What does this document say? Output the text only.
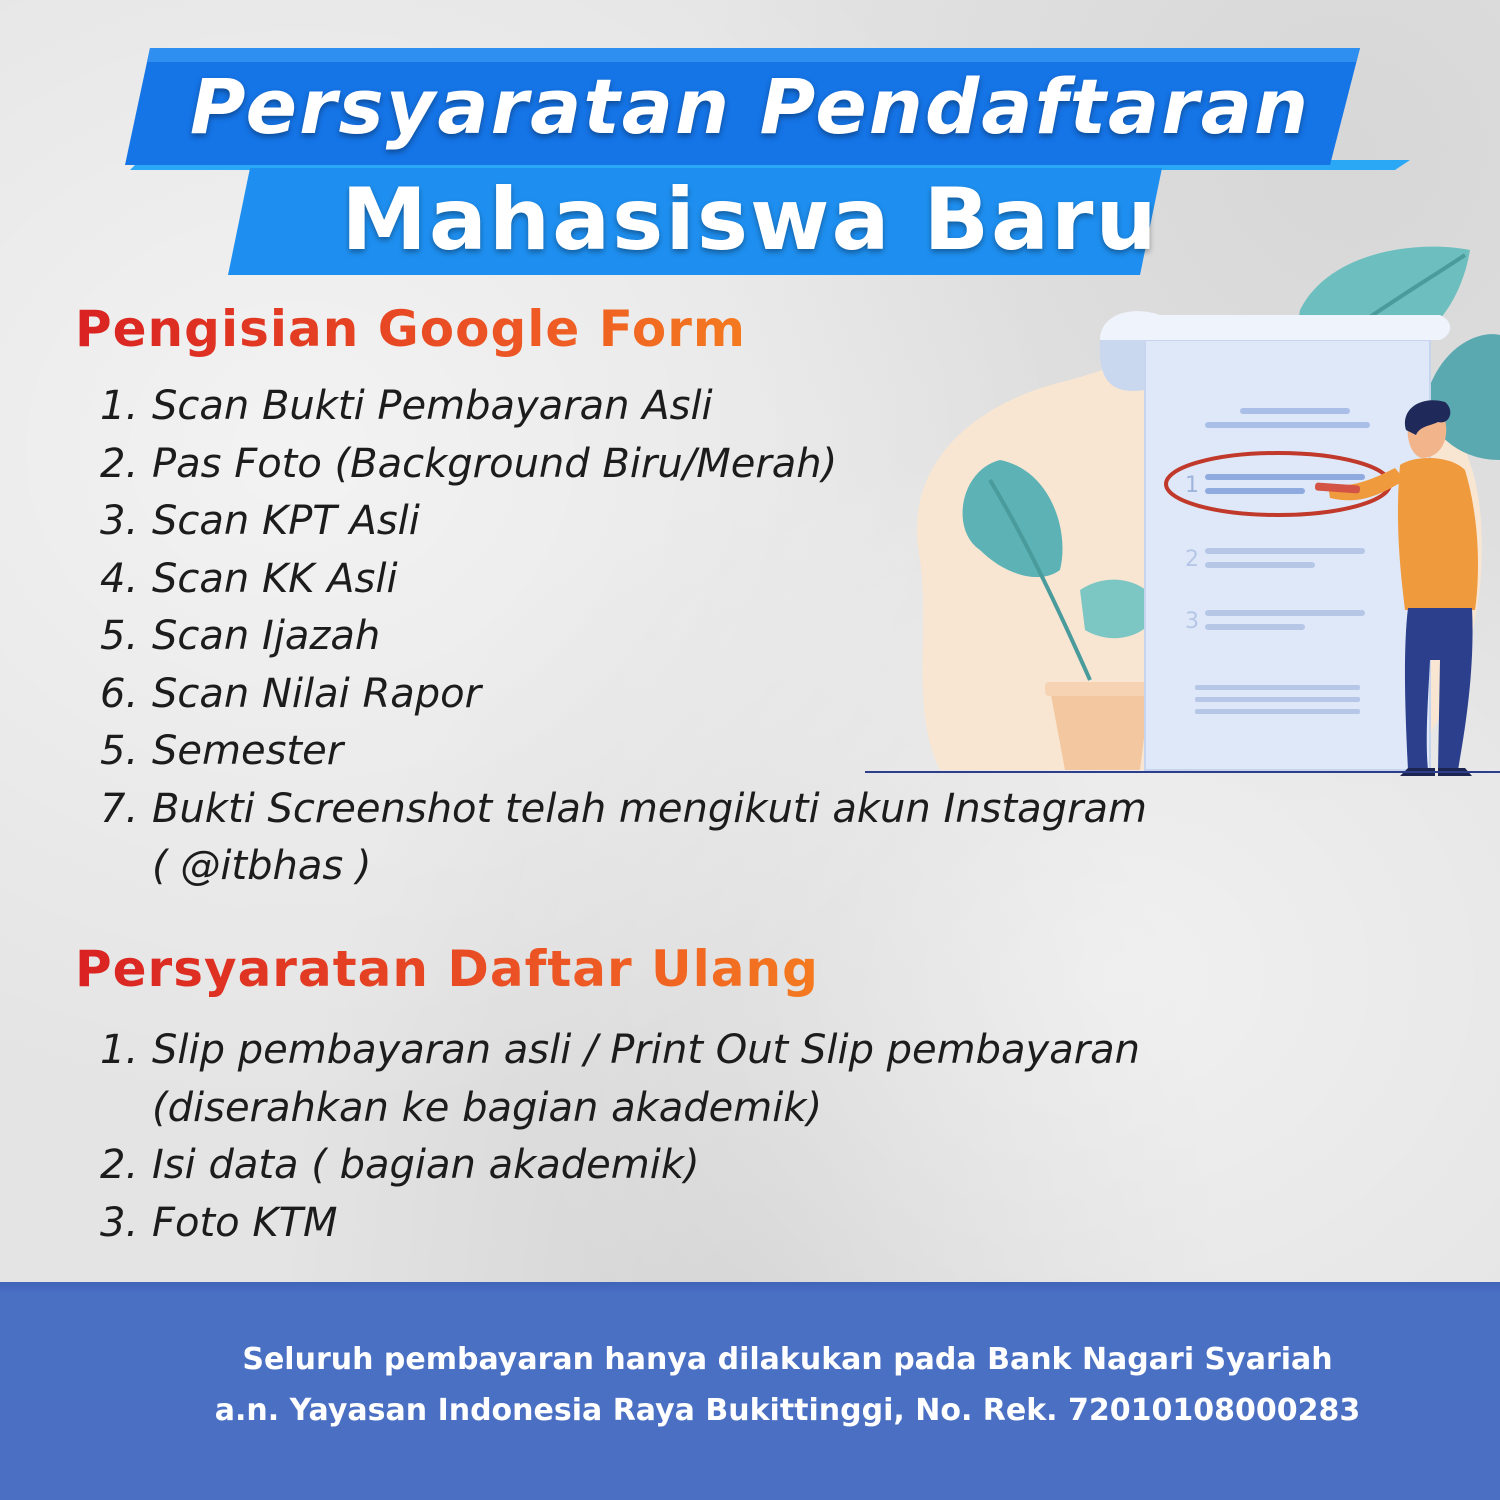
Persyaratan Pendaftaran
Mahasiswa Baru
Pengisian Google Form
1. Scan Bukti Pembayaran Asli
2. Pas Foto (Background Biru/Merah)
3. Scan KPT Asli
4. Scan KK Asli
5. Scan Ijazah
6. Scan Nilai Rapor
5. Semester
7. Bukti Screenshot telah mengikuti akun Instagram
( @itbhas )
Persyaratan Daftar Ulang
1. Slip pembayaran asli / Print Out Slip pembayaran
(diserahkan ke bagian akademik)
2. Isi data ( bagian akademik)
3. Foto KTM
1
2
3
Seluruh pembayaran hanya dilakukan pada Bank Nagari Syariah
a.n. Yayasan Indonesia Raya Bukittinggi, No. Rek. 72010108000283
